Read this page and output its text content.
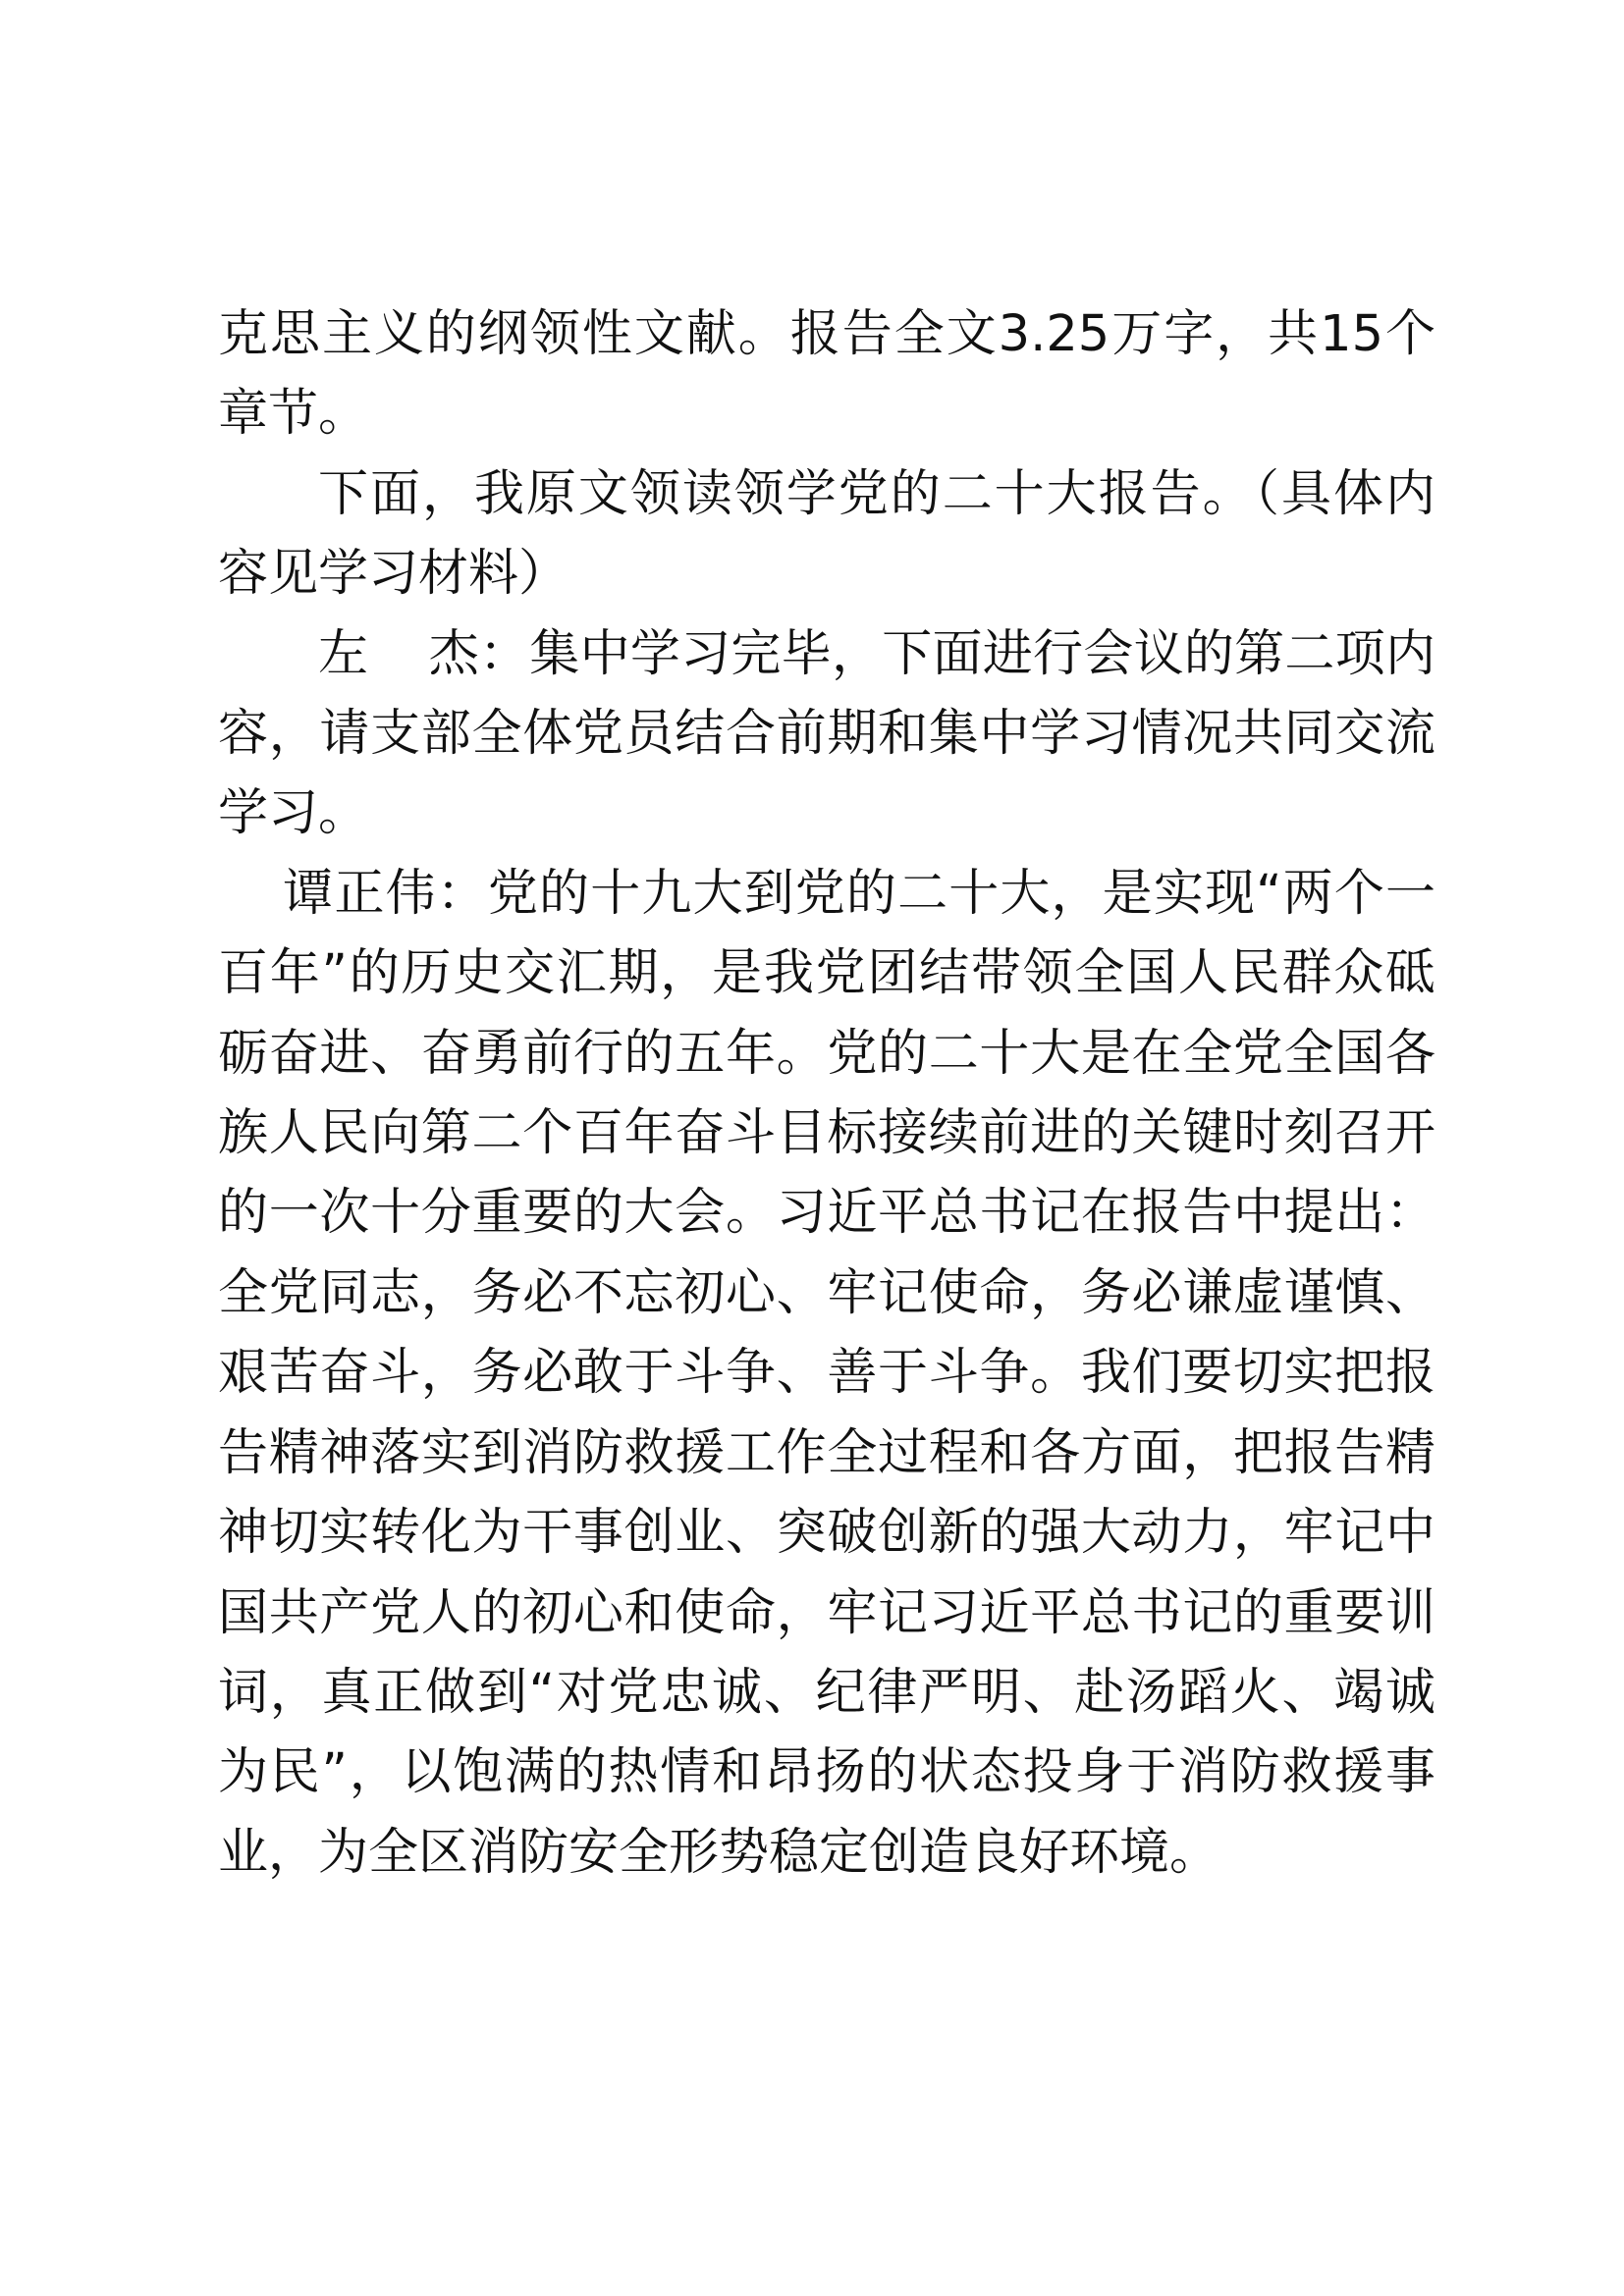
克思主义的纲领性文献。报告全文3.25万字，共15个章节。

下面，我原文领读领学党的二十大报告。（具体内容见学习材料）

左 杰：集中学习完毕，下面进行会议的第二项内容，请支部全体党员结合前期和集中学习情况共同交流学习。

谭正伟：党的十九大到党的二十大，是实现“两个一百年”的历史交汇期，是我党团结带领全国人民群众砥砺奋进、奋勇前行的五年。党的二十大是在全党全国各族人民向第二个百年奋斗目标接续前进的关键时刻召开的一次十分重要的大会。习近平总书记在报告中提出：全党同志，务必不忘初心、牢记使命，务必谦虚谨慎、艰苦奋斗，务必敢于斗争、善于斗争。我们要切实把报告精神落实到消防救援工作全过程和各方面，把报告精神切实转化为干事创业、突破创新的强大动力，牢记中国共产党人的初心和使命，牢记习近平总书记的重要训词，真正做到“对党忠诚、纪律严明、赴汤蹈火、竭诚为民”，以饱满的热情和昂扬的状态投身于消防救援事业，为全区消防安全形势稳定创造良好环境。
